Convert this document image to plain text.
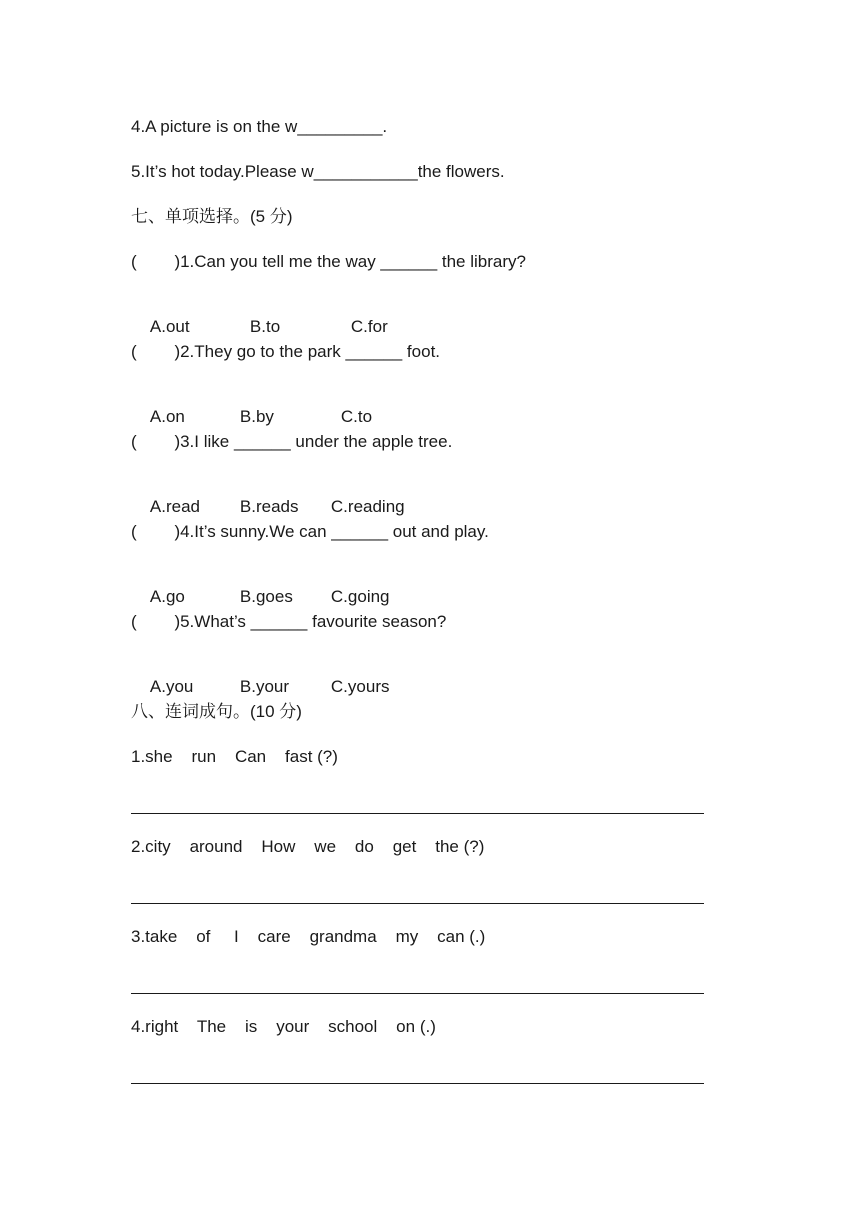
4.A picture is on the w_________.
5.It’s hot today.Please w___________the flowers.
七、单项选择。(5 分)
(        )1.Can you tell me the way ______ the library?

A.out	B.to	C.for

(        )2.They go to the park ______ foot.

A.on	B.by	C.to

(        )3.I like ______ under the apple tree.

A.read B.reads C.reading

(        )4.It’s sunny.We can ______ out and play.

A.go	B.goes C.going

(        )5.What’s ______ favourite season?

A.you	B.your C.yours

八、连词成句。(10 分)
1.she    run    Can    fast (?)
2.city    around    How    we    do    get    the (?)
3.take    of     I    care    grandma    my    can (.)
4.right    The    is    your    school    on (.)
